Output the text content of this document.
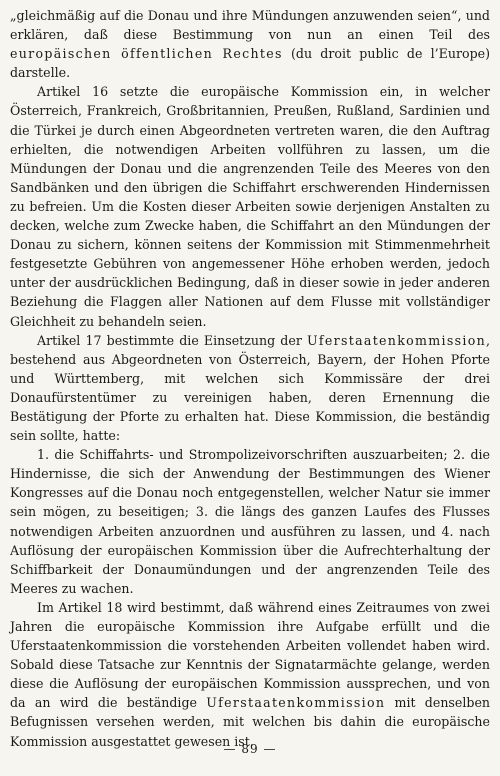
„gleichmäßig auf die Donau und ihre Mündungen anzuwenden seien“, und erklären, daß diese Bestimmung von nun an einen Teil des europäischen öffentlichen Rechtes (du droit public de l’Europe) darstelle.

Artikel 16 setzte die europäische Kommission ein, in welcher Österreich, Frankreich, Großbritannien, Preußen, Rußland, Sardinien und die Türkei je durch einen Abgeordneten vertreten waren, die den Auftrag erhielten, die notwendigen Arbeiten vollführen zu lassen, um die Mündungen der Donau und die angrenzenden Teile des Meeres von den Sandbänken und den übrigen die Schiffahrt erschwerenden Hindernissen zu befreien. Um die Kosten dieser Arbeiten sowie derjenigen Anstalten zu decken, welche zum Zwecke haben, die Schiffahrt an den Mündungen der Donau zu sichern, können seitens der Kommission mit Stimmenmehrheit festgesetzte Gebühren von angemessener Höhe erhoben werden, jedoch unter der ausdrücklichen Bedingung, daß in dieser sowie in jeder anderen Beziehung die Flaggen aller Nationen auf dem Flusse mit vollständiger Gleichheit zu behandeln seien.

Artikel 17 bestimmte die Einsetzung der Uferstaatenkommission, bestehend aus Abgeordneten von Österreich, Bayern, der Hohen Pforte und Württemberg, mit welchen sich Kommissäre der drei Donaufürstentümer zu vereinigen haben, deren Ernennung die Bestätigung der Pforte zu erhalten hat. Diese Kommission, die beständig sein sollte, hatte:

1. die Schiffahrts- und Strompolizeivorschriften auszuarbeiten; 2. die Hindernisse, die sich der Anwendung der Bestimmungen des Wiener Kongresses auf die Donau noch entgegenstellen, welcher Natur sie immer sein mögen, zu beseitigen; 3. die längs des ganzen Laufes des Flusses notwendigen Arbeiten anzuordnen und ausführen zu lassen, und 4. nach Auflösung der europäischen Kommission über die Aufrechterhaltung der Schiffbarkeit der Donaumündungen und der angrenzenden Teile des Meeres zu wachen.

Im Artikel 18 wird bestimmt, daß während eines Zeitraumes von zwei Jahren die europäische Kommission ihre Aufgabe erfüllt und die Uferstaatenkommission die vorstehenden Arbeiten vollendet haben wird. Sobald diese Tatsache zur Kenntnis der Signatarmächte gelange, werden diese die Auflösung der europäischen Kommission aussprechen, und von da an wird die beständige Uferstaatenkommission mit denselben Befugnissen versehen werden, mit welchen bis dahin die europäische Kommission ausgestattet gewesen ist.

— 89 —
